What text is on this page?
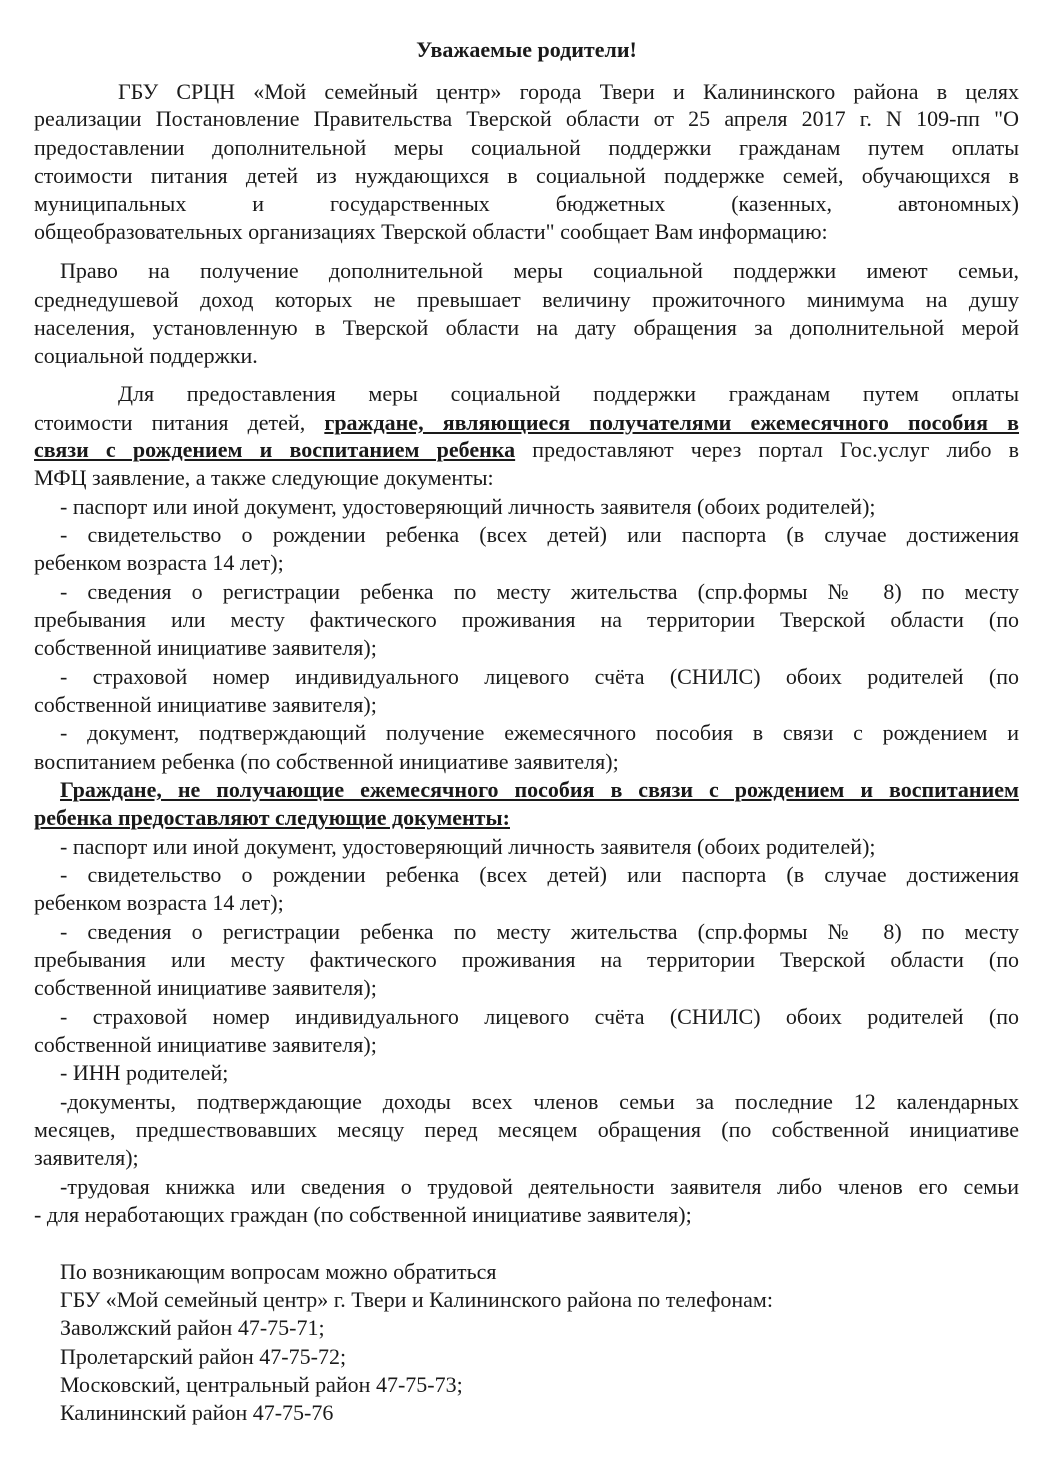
Уважаемые родители!
ГБУ СРЦН «Мой семейный центр» города Твери и Калининского района в целях
реализации Постановление Правительства Тверской области от 25 апреля 2017 г. N 109-пп "О
предоставлении дополнительной меры социальной поддержки гражданам путем оплаты
стоимости питания детей из нуждающихся в социальной поддержке семей, обучающихся в
муниципальных и государственных бюджетных (казенных, автономных)
общеобразовательных организациях Тверской области" сообщает Вам информацию:
Право на получение дополнительной меры социальной поддержки имеют семьи,
среднедушевой доход которых не превышает величину прожиточного минимума на душу
населения, установленную в Тверской области на дату обращения за дополнительной мерой
социальной поддержки.
Для предоставления меры социальной поддержки гражданам путем оплаты
стоимости питания детей, граждане, являющиеся получателями ежемесячного пособия в
связи с рождением и воспитанием ребенка предоставляют через портал Гос.услуг либо в
МФЦ заявление, а также следующие документы:
- паспорт или иной документ, удостоверяющий личность заявителя (обоих родителей);
- свидетельство о рождении ребенка (всех детей) или паспорта (в случае достижения
ребенком возраста 14 лет);
- сведения о регистрации ребенка по месту жительства (спр.формы № 8) по месту
пребывания или месту фактического проживания на территории Тверской области (по
собственной инициативе заявителя);
- страховой номер индивидуального лицевого счёта (СНИЛС) обоих родителей (по
собственной инициативе заявителя);
- документ, подтверждающий получение ежемесячного пособия в связи с рождением и
воспитанием ребенка (по собственной инициативе заявителя);
Граждане, не получающие ежемесячного пособия в связи с рождением и воспитанием
ребенка предоставляют следующие документы:
- паспорт или иной документ, удостоверяющий личность заявителя (обоих родителей);
- свидетельство о рождении ребенка (всех детей) или паспорта (в случае достижения
ребенком возраста 14 лет);
- сведения о регистрации ребенка по месту жительства (спр.формы № 8) по месту
пребывания или месту фактического проживания на территории Тверской области (по
собственной инициативе заявителя);
- страховой номер индивидуального лицевого счёта (СНИЛС) обоих родителей (по
собственной инициативе заявителя);
- ИНН родителей;
-документы, подтверждающие доходы всех членов семьи за последние 12 календарных
месяцев, предшествовавших месяцу перед месяцем обращения (по собственной инициативе
заявителя);
-трудовая книжка или сведения о трудовой деятельности заявителя либо членов его семьи
- для неработающих граждан (по собственной инициативе заявителя);
По возникающим вопросам можно обратиться
ГБУ «Мой семейный центр» г. Твери и Калининского района по телефонам:
Заволжский район 47-75-71;
Пролетарский район 47-75-72;
Московский, центральный район 47-75-73;
Калининский район 47-75-76
